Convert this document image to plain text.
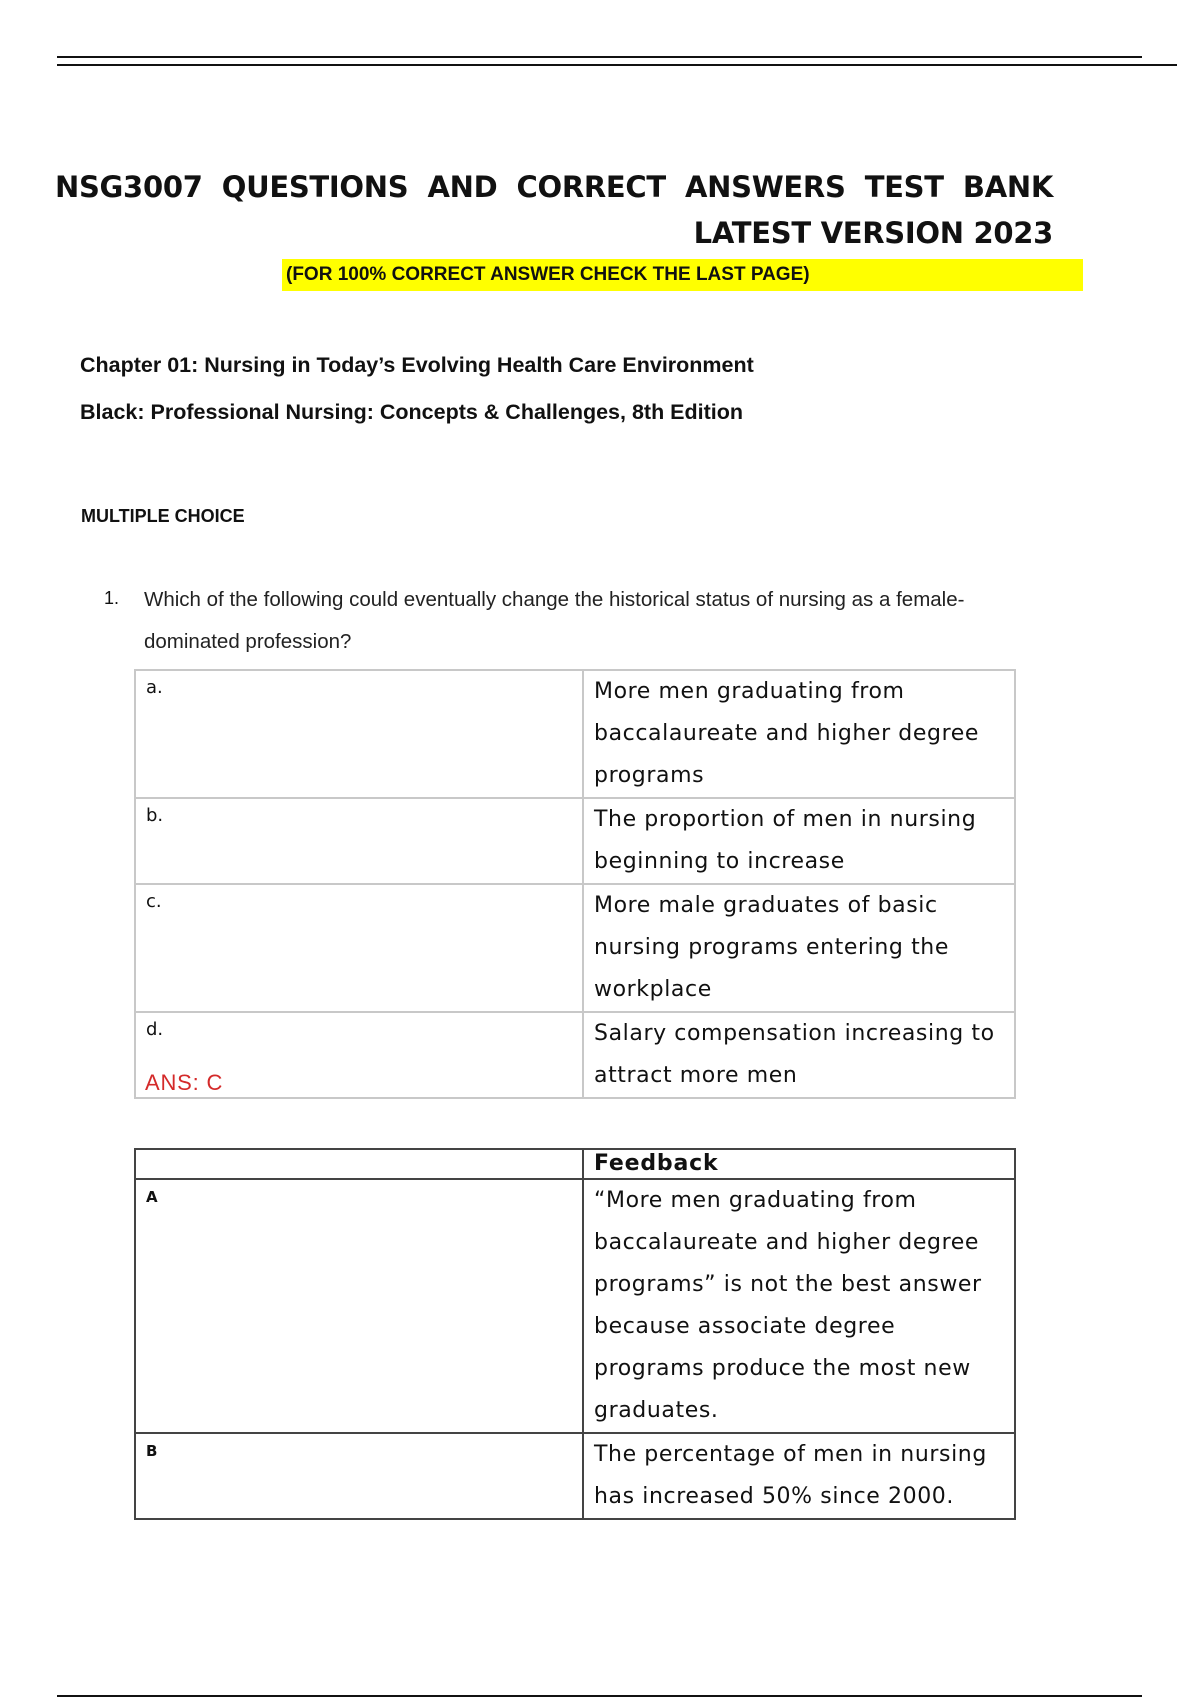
NSG3007 QUESTIONS AND CORRECT ANSWERS TEST BANK LATEST VERSION 2023
(FOR 100% CORRECT ANSWER CHECK THE LAST PAGE)
Chapter 01: Nursing in Today’s Evolving Health Care Environment
Black: Professional Nursing: Concepts & Challenges, 8th Edition
MULTIPLE CHOICE
1. Which of the following could eventually change the historical status of nursing as a female-dominated profession?
a.	More men graduating from baccalaureate and higher degree programs
b.	The proportion of men in nursing beginning to increase
c.	More male graduates of basic nursing programs entering the workplace
d.	Salary compensation increasing to attract more men
ANS: C
	Feedback
A	“More men graduating from baccalaureate and higher degree programs” is not the best answer because associate degree programs produce the most new graduates.
B	The percentage of men in nursing has increased 50% since 2000.
